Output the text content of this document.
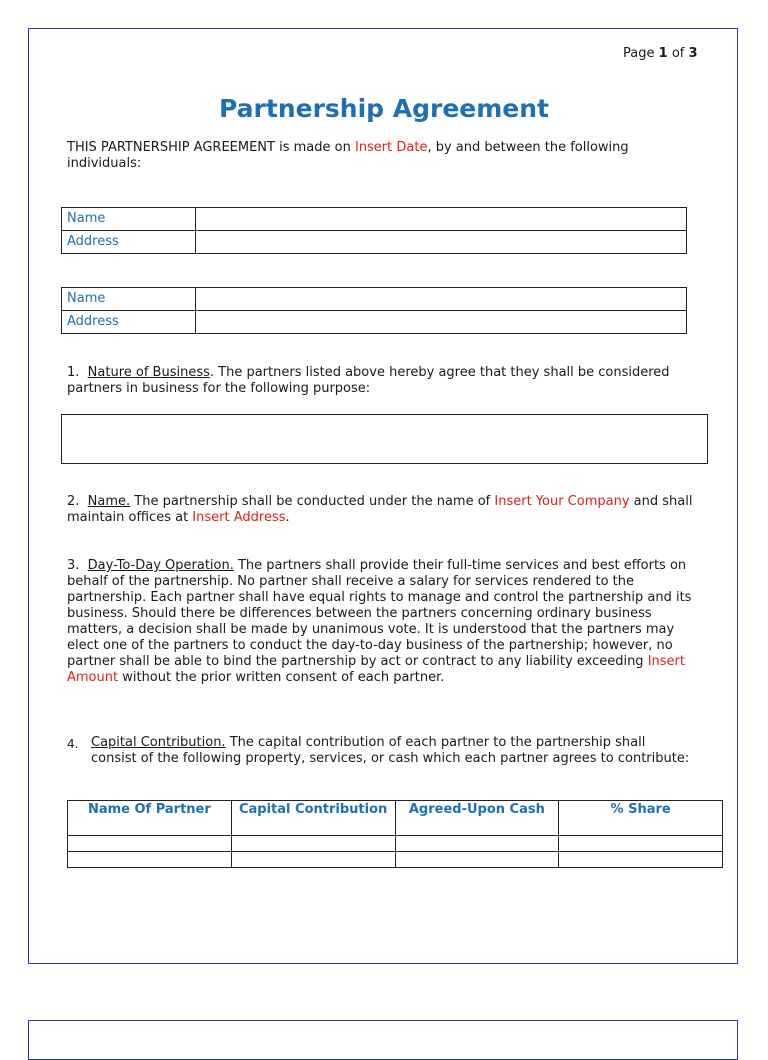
Page 1 of 3
Partnership Agreement
THIS PARTNERSHIP AGREEMENT is made on Insert Date, by and between the following individuals:
Name	
Address	
Name	
Address	
1. Nature of Business. The partners listed above hereby agree that they shall be considered partners in business for the following purpose:
2. Name. The partnership shall be conducted under the name of Insert Your Company and shall maintain offices at Insert Address.
3. Day-To-Day Operation. The partners shall provide their full-time services and best efforts on behalf of the partnership. No partner shall receive a salary for services rendered to the partnership. Each partner shall have equal rights to manage and control the partnership and its business. Should there be differences between the partners concerning ordinary business matters, a decision shall be made by unanimous vote. It is understood that the partners may elect one of the partners to conduct the day-to-day business of the partnership; however, no partner shall be able to bind the partnership by act or contract to any liability exceeding Insert Amount without the prior written consent of each partner.
4. Capital Contribution. The capital contribution of each partner to the partnership shall consist of the following property, services, or cash which each partner agrees to contribute:
Name Of Partner	Capital Contribution	Agreed-Upon Cash	% Share
